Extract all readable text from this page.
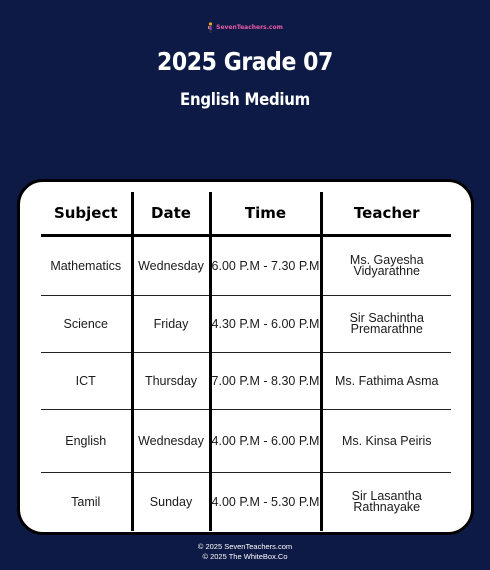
SevenTeachers.com
2025 Grade 07
English Medium
Subject	Date	Time	Teacher
Mathematics	Wednesday	6.00 P.M - 7.30 P.M	Ms. Gayesha
Vidyarathne

Science	Friday	4.30 P.M - 6.00 P.M	Sir Sachintha
Premarathne

ICT	Thursday	7.00 P.M - 8.30 P.M	Ms. Fathima Asma

English	Wednesday	4.00 P.M - 6.00 P.M	Ms. Kinsa Peiris

Tamil	Sunday	4.00 P.M - 5.30 P.M	Sir Lasantha
Rathnayake
© 2025 SevenTeachers.com
© 2025 The WhiteBox.Co
